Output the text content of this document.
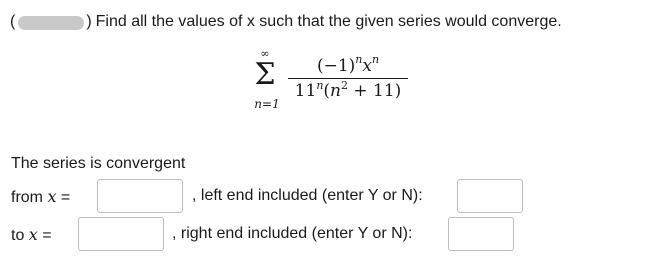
(	) Find all the values of x such that the given series would converge.
∞
Σ
n=1
$(-1)^nx^n$
$11^n(n^2 + 11)$
The series is convergent
from x =	, left end included (enter Y or N):
to x =	, right end included (enter Y or N):
